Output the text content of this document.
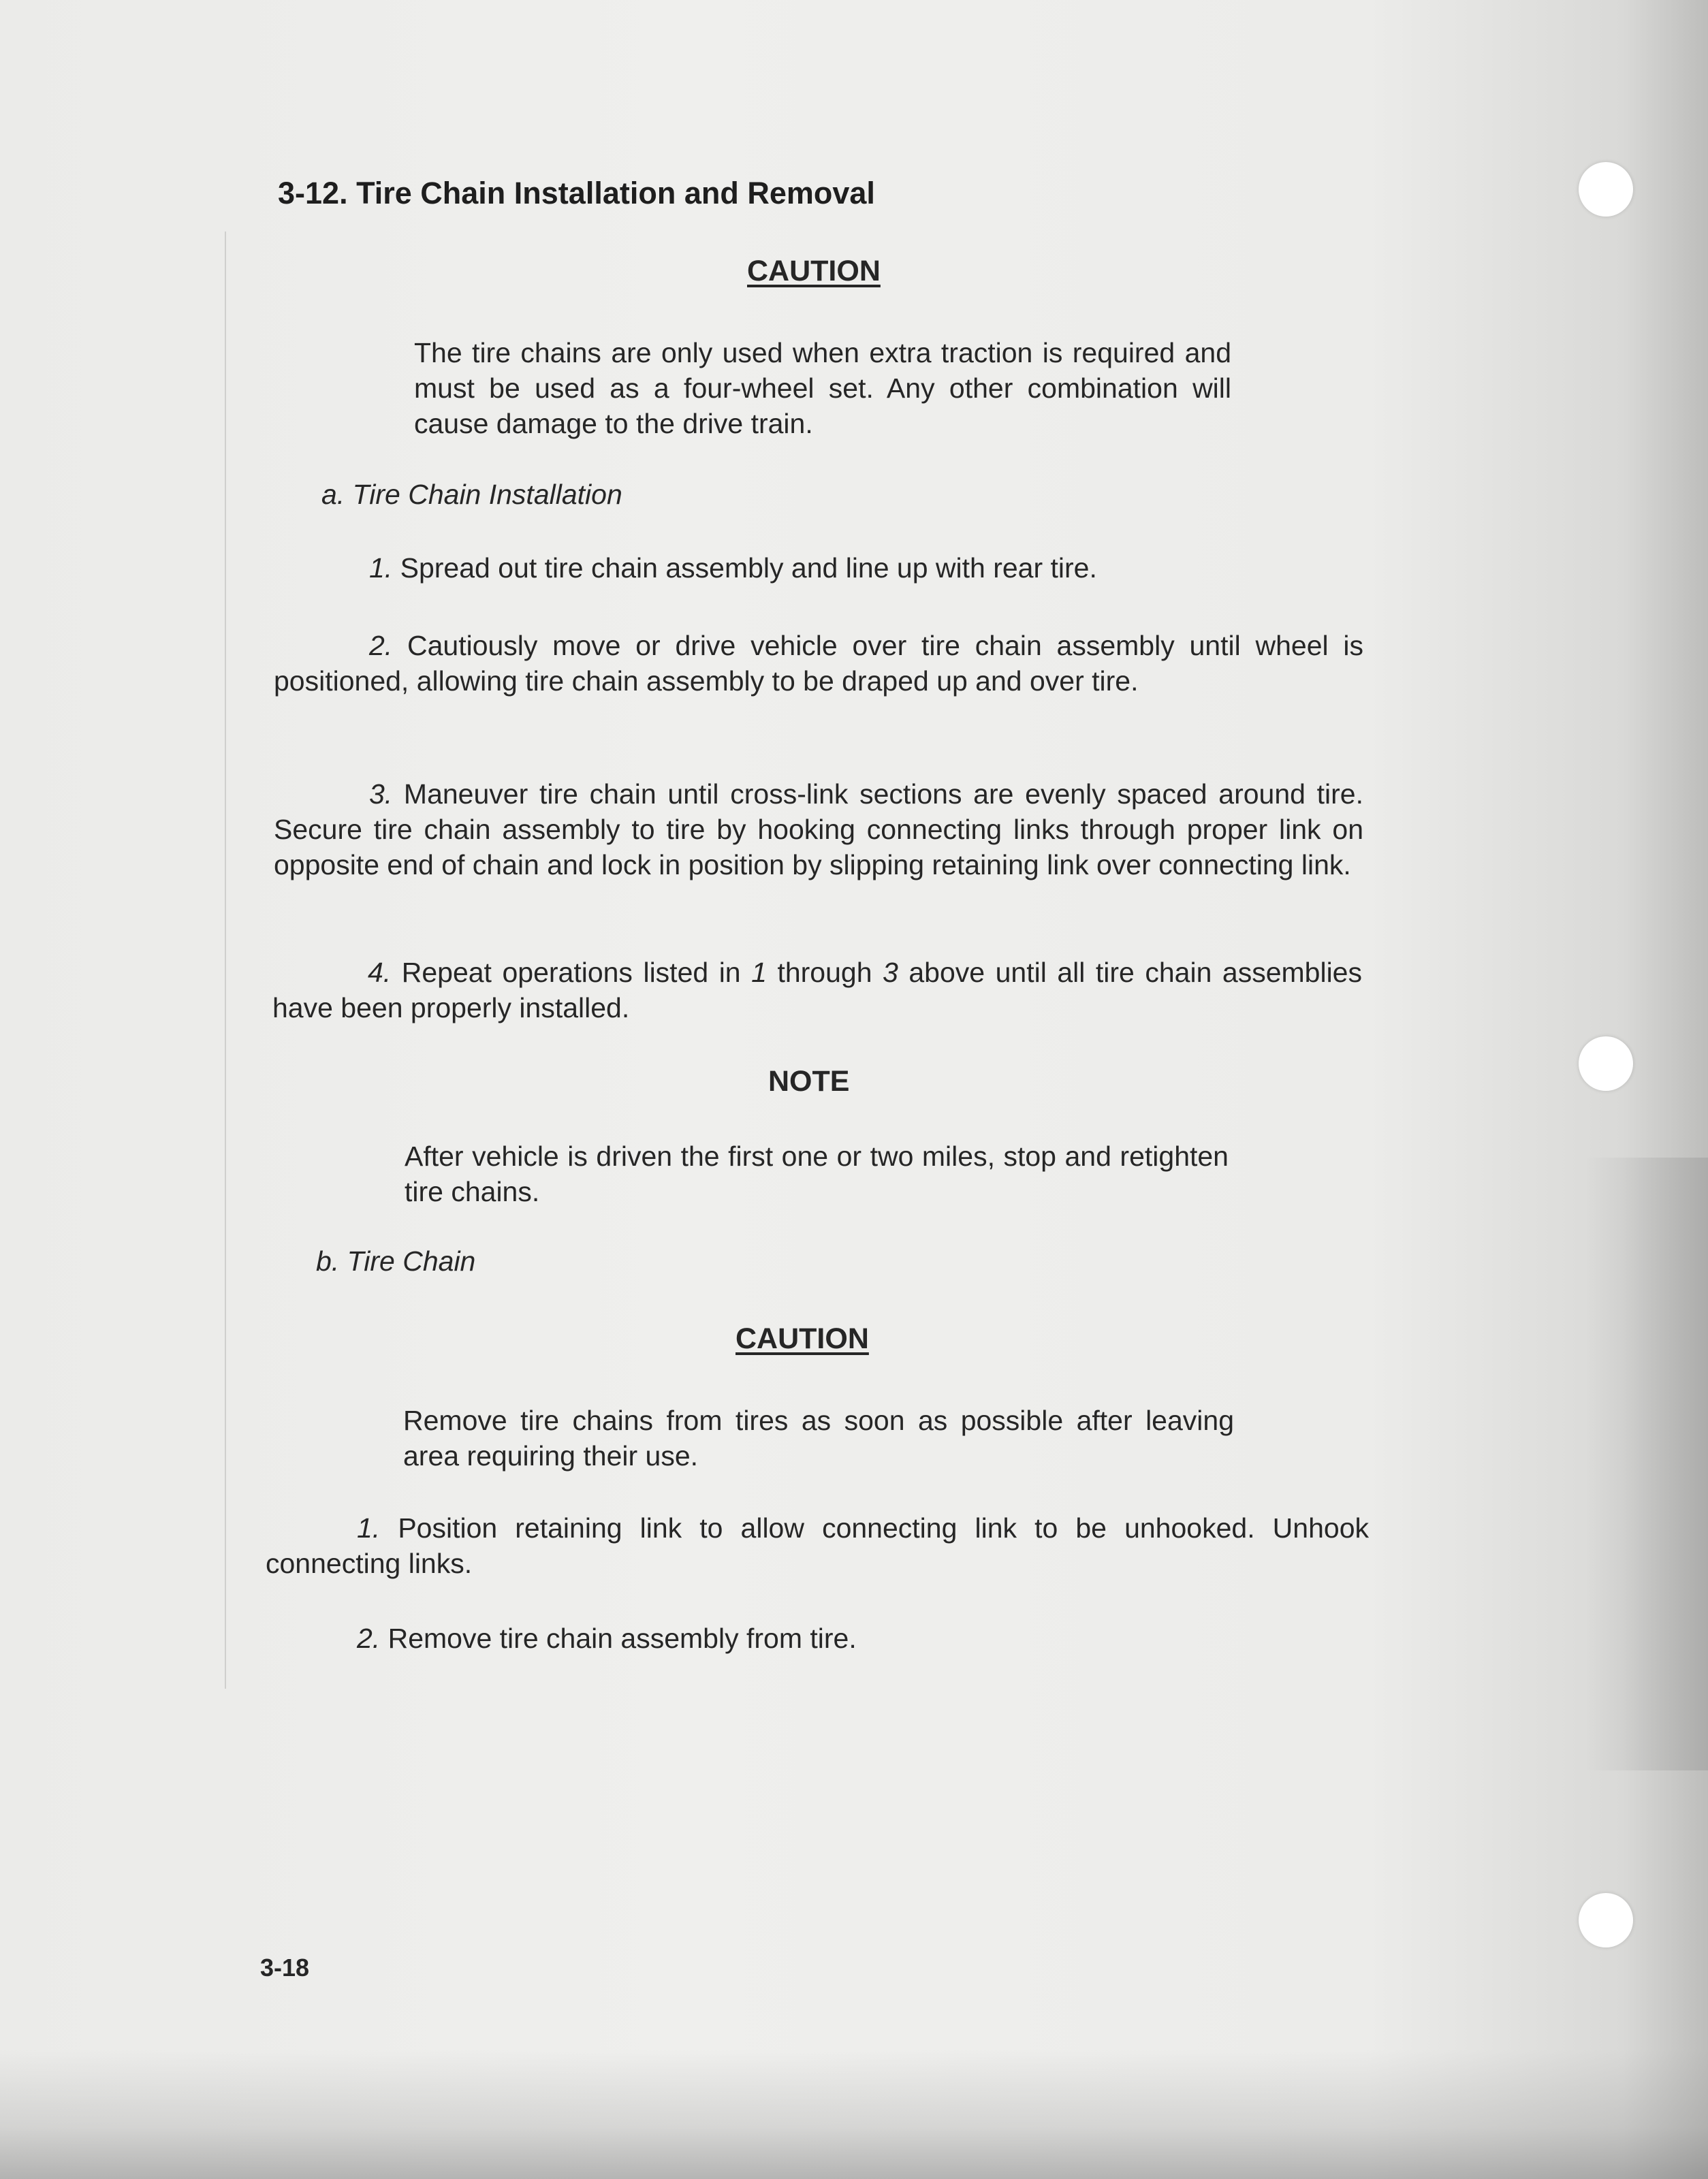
3-12. Tire Chain Installation and Removal
CAUTION

The tire chains are only used when extra traction is required and must be used as a four-wheel set. Any other combination will cause damage to the drive train.

a. Tire Chain Installation

1. Spread out tire chain assembly and line up with rear tire.

2. Cautiously move or drive vehicle over tire chain assembly until wheel is positioned, allowing tire chain assembly to be draped up and over tire.

3. Maneuver tire chain until cross-link sections are evenly spaced around tire. Secure tire chain assembly to tire by hooking connecting links through proper link on opposite end of chain and lock in position by slipping retaining link over connecting link.

4. Repeat operations listed in 1 through 3 above until all tire chain assemblies have been properly installed.

NOTE

After vehicle is driven the first one or two miles, stop and retighten tire chains.

b. Tire Chain
CAUTION

Remove tire chains from tires as soon as possible after leaving area requiring their use.

1. Position retaining link to allow connecting link to be unhooked. Unhook connecting links.

2. Remove tire chain assembly from tire.

3-18
